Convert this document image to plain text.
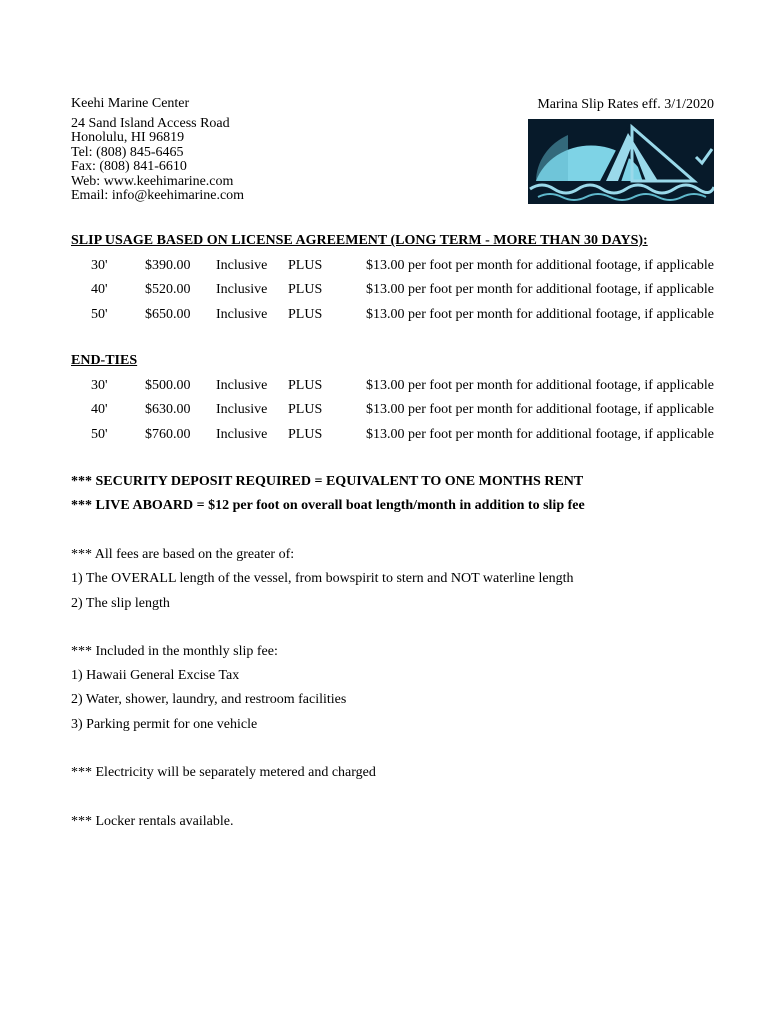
Keehi Marine Center
24 Sand Island Access Road
Honolulu, HI 96819
Tel: (808) 845-6465
Fax: (808) 841-6610
Web: www.keehimarine.com
Email: info@keehimarine.com
Marina Slip Rates eff. 3/1/2020
SLIP USAGE BASED ON LICENSE AGREEMENT (LONG TERM - MORE THAN 30 DAYS):
30'	$390.00 Inclusive PLUS	$13.00 per foot per month for additional footage, if applicable
40'	$520.00 Inclusive PLUS	$13.00 per foot per month for additional footage, if applicable
50'	$650.00 Inclusive PLUS	$13.00 per foot per month for additional footage, if applicable
END-TIES
30'	$500.00 Inclusive PLUS	$13.00 per foot per month for additional footage, if applicable
40'	$630.00 Inclusive PLUS	$13.00 per foot per month for additional footage, if applicable
50'	$760.00 Inclusive PLUS	$13.00 per foot per month for additional footage, if applicable
*** SECURITY DEPOSIT REQUIRED = EQUIVALENT TO ONE MONTHS RENT
*** LIVE ABOARD = $12 per foot on overall boat length/month in addition to slip fee
*** All fees are based on the greater of:
1) The OVERALL length of the vessel, from bowspirit to stern and NOT waterline length
2) The slip length
*** Included in the monthly slip fee:
1) Hawaii General Excise Tax
2) Water, shower, laundry, and restroom facilities
3) Parking permit for one vehicle
*** Electricity will be separately metered and charged
*** Locker rentals available.
